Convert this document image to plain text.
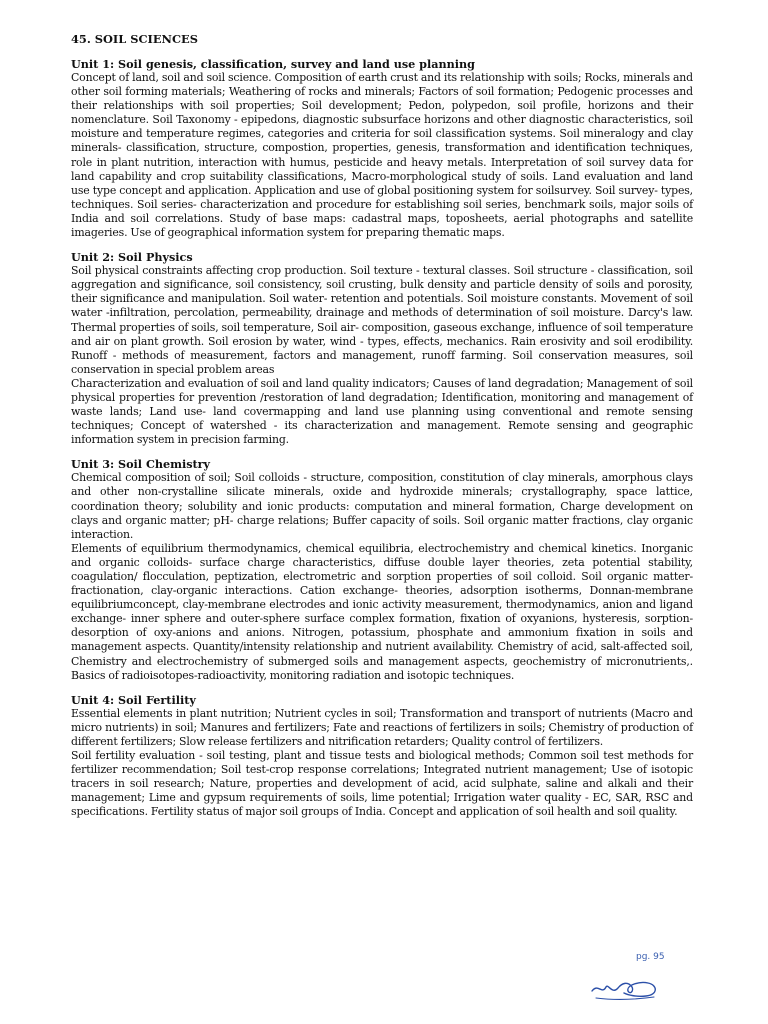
45. SOIL SCIENCES
Unit 1: Soil genesis, classification, survey and land use planning

Concept of land, soil and soil science. Composition of earth crust and its relationship with soils; Rocks, minerals and other soil forming materials; Weathering of rocks and minerals; Factors of soil formation; Pedogenic processes and their relationships with soil properties; Soil development; Pedon, polypedon, soil profile, horizons and their nomenclature. Soil Taxonomy - epipedons, diagnostic subsurface horizons and other diagnostic characteristics, soil moisture and temperature regimes, categories and criteria for soil classification systems. Soil mineralogy and clay minerals- classification, structure, compostion, properties, genesis, transformation and identification techniques, role in plant nutrition, interaction with humus, pesticide and heavy metals. Interpretation of soil survey data for land capability and crop suitability classifications, Macro-morphological study of soils. Land evaluation and land use type concept and application. Application and use of global positioning system for soilsurvey. Soil survey- types, techniques. Soil series- characterization and procedure for establishing soil series, benchmark soils, major soils of India and soil correlations. Study of base maps: cadastral maps, toposheets, aerial photographs and satellite imageries. Use of geographical information system for preparing thematic maps.

Unit 2: Soil Physics

Soil physical constraints affecting crop production. Soil texture - textural classes. Soil structure - classification, soil aggregation and significance, soil consistency, soil crusting, bulk density and particle density of soils and porosity, their significance and manipulation. Soil water- retention and potentials. Soil moisture constants. Movement of soil water -infiltration, percolation, permeability, drainage and methods of determination of soil moisture. Darcy's law. Thermal properties of soils, soil temperature, Soil air- composition, gaseous exchange, influence of soil temperature and air on plant growth. Soil erosion by water, wind - types, effects, mechanics. Rain erosivity and soil erodibility. Runoff - methods of measurement, factors and management, runoff farming. Soil conservation measures, soil conservation in special problem areas

Characterization and evaluation of soil and land quality indicators; Causes of land degradation; Management of soil physical properties for prevention /restoration of land degradation; Identification, monitoring and management of waste lands; Land use- land covermapping and land use planning using conventional and remote sensing techniques; Concept of watershed - its characterization and management. Remote sensing and geographic information system in precision farming.

Unit 3: Soil Chemistry

Chemical composition of soil; Soil colloids - structure, composition, constitution of clay minerals, amorphous clays and other non-crystalline silicate minerals, oxide and hydroxide minerals; crystallography, space lattice, coordination theory; solubility and ionic products: computation and mineral formation, Charge development on clays and organic matter; pH- charge relations; Buffer capacity of soils. Soil organic matter fractions, clay organic interaction.

Elements of equilibrium thermodynamics, chemical equilibria, electrochemistry and chemical kinetics. Inorganic and organic colloids- surface charge characteristics, diffuse double layer theories, zeta potential stability, coagulation/ flocculation, peptization, electrometric and sorption properties of soil colloid. Soil organic matter- fractionation, clay-organic interactions. Cation exchange- theories, adsorption isotherms, Donnan-membrane equilibriumconcept, clay-membrane electrodes and ionic activity measurement, thermodynamics, anion and ligand exchange- inner sphere and outer-sphere surface complex formation, fixation of oxyanions, hysteresis, sorption-desorption of oxy-anions and anions. Nitrogen, potassium, phosphate and ammonium fixation in soils and management aspects. Quantity/intensity relationship and nutrient availability. Chemistry of acid, salt-affected soil, Chemistry and electrochemistry of submerged soils and management aspects, geochemistry of micronutrients,. Basics of radioisotopes-radioactivity, monitoring radiation and isotopic techniques.

Unit 4: Soil Fertility

Essential elements in plant nutrition; Nutrient cycles in soil; Transformation and transport of nutrients (Macro and micro nutrients) in soil; Manures and fertilizers; Fate and reactions of fertilizers in soils; Chemistry of production of different fertilizers; Slow release fertilizers and nitrification retarders; Quality control of fertilizers.

Soil fertility evaluation - soil testing, plant and tissue tests and biological methods; Common soil test methods for fertilizer recommendation; Soil test-crop response correlations; Integrated nutrient management; Use of isotopic tracers in soil research; Nature, properties and development of acid, acid sulphate, saline and alkali and their management; Lime and gypsum requirements of soils, lime potential; Irrigation water quality - EC, SAR, RSC and specifications. Fertility status of major soil groups of India. Concept and application of soil health and soil quality.

pg. 95
